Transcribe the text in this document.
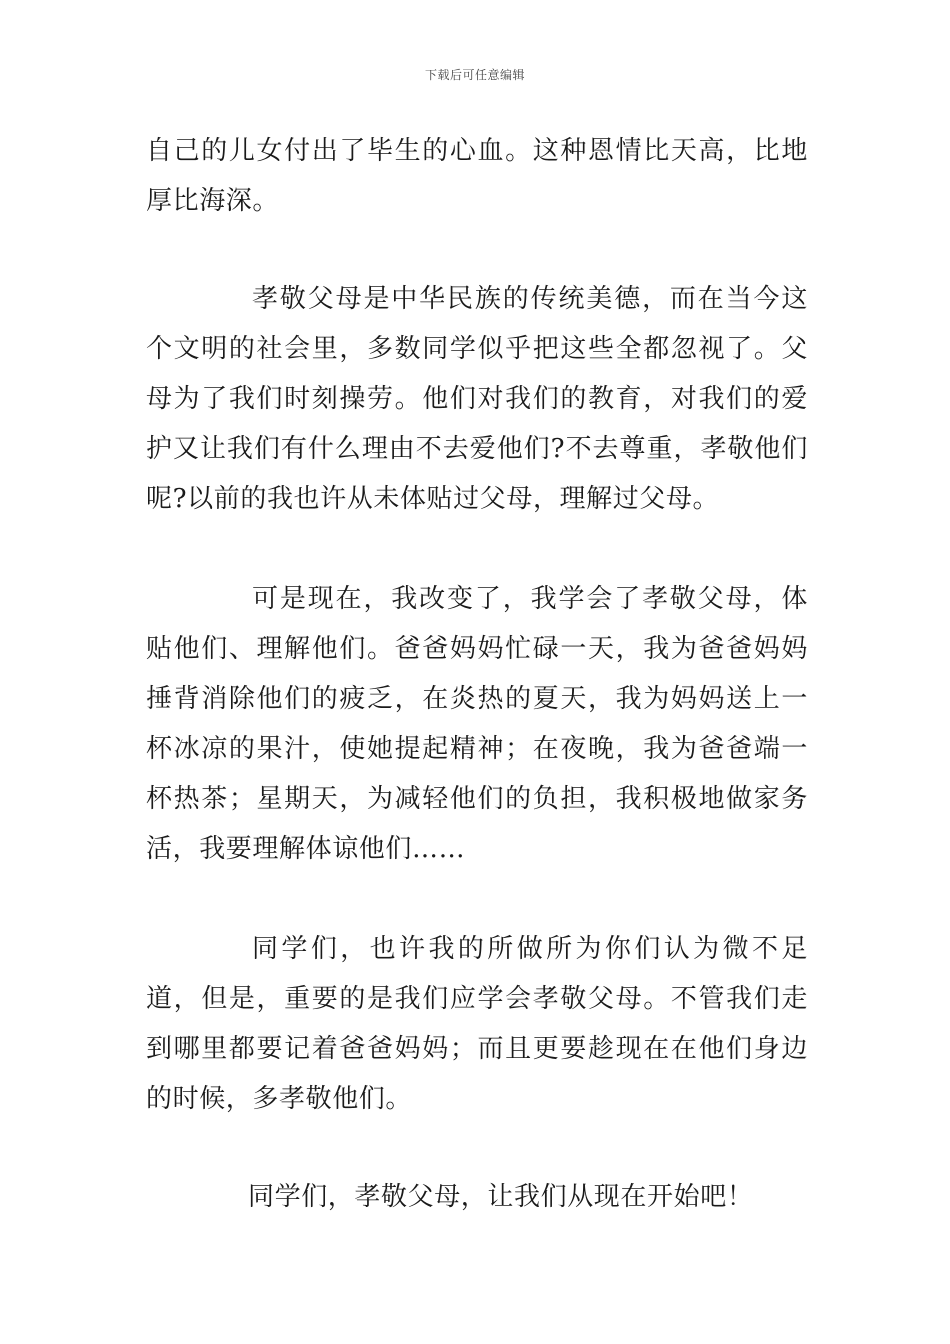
下载后可任意编辑
自己的儿女付出了毕生的心血。这种恩情比天高，比地厚比海深。
孝敬父母是中华民族的传统美德，而在当今这个文明的社会里，多数同学似乎把这些全都忽视了。父母为了我们时刻操劳。他们对我们的教育，对我们的爱护又让我们有什么理由不去爱他们?不去尊重，孝敬他们呢?以前的我也许从未体贴过父母，理解过父母。
可是现在，我改变了，我学会了孝敬父母，体贴他们、理解他们。爸爸妈妈忙碌一天，我为爸爸妈妈捶背消除他们的疲乏，在炎热的夏天，我为妈妈送上一杯冰凉的果汁，使她提起精神；在夜晚，我为爸爸端一杯热茶；星期天，为减轻他们的负担，我积极地做家务活，我要理解体谅他们……
同学们，也许我的所做所为你们认为微不足道，但是，重要的是我们应学会孝敬父母。不管我们走到哪里都要记着爸爸妈妈；而且更要趁现在在他们身边的时候，多孝敬他们。
同学们，孝敬父母，让我们从现在开始吧！
